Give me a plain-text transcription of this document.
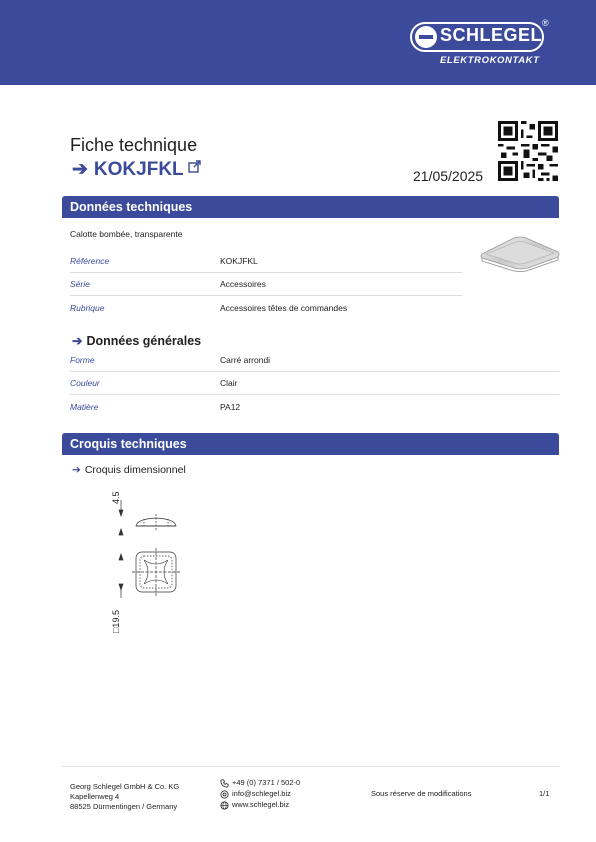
SCHLEGEL
®
ELEKTROKONTAKT
Fiche technique
➔ KOKJFKL	21/05/2025
Données techniques
Calotte bombée, transparente
Référence	KOKJFKL
Série	Accessoires
Rubrique	Accessoires têtes de commandes
➔ Données générales
Forme	Carré arrondi
Couleur	Clair
Matière	PA12
Croquis techniques
➔ Croquis dimensionnel
4.5
□19.5
Georg Schlegel GmbH & Co. KG
Kapellenweg 4
88525 Dürmentingen / Germany
+49 (0) 7371 / 502-0
info@schlegel.biz
www.schlegel.biz
Sous réserve de modifications	1/1
